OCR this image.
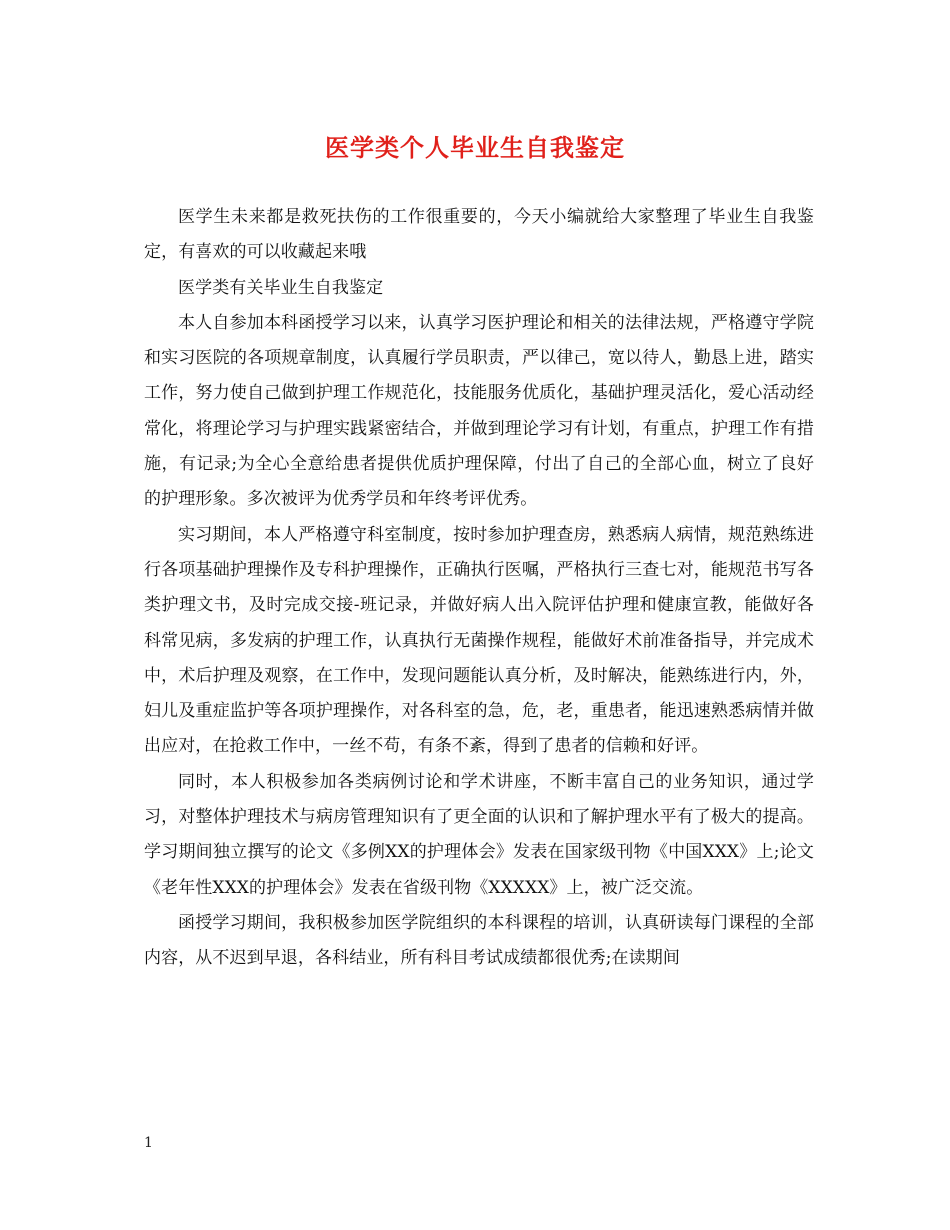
医学类个人毕业生自我鉴定

医学生未来都是救死扶伤的工作很重要的，今天小编就给大家整理了毕业生自我鉴定，有喜欢的可以收藏起来哦

医学类有关毕业生自我鉴定

本人自参加本科函授学习以来，认真学习医护理论和相关的法律法规，严格遵守学院和实习医院的各项规章制度，认真履行学员职责，严以律己，宽以待人，勤恳上进，踏实工作，努力使自己做到护理工作规范化，技能服务优质化，基础护理灵活化，爱心活动经常化，将理论学习与护理实践紧密结合，并做到理论学习有计划，有重点，护理工作有措施，有记录;为全心全意给患者提供优质护理保障，付出了自己的全部心血，树立了良好的护理形象。多次被评为优秀学员和年终考评优秀。

实习期间，本人严格遵守科室制度，按时参加护理查房，熟悉病人病情，规范熟练进行各项基础护理操作及专科护理操作，正确执行医嘱，严格执行三查七对，能规范书写各类护理文书，及时完成交接-班记录，并做好病人出入院评估护理和健康宣教，能做好各科常见病，多发病的护理工作，认真执行无菌操作规程，能做好术前准备指导，并完成术中，术后护理及观察，在工作中，发现问题能认真分析，及时解决，能熟练进行内，外，妇儿及重症监护等各项护理操作，对各科室的急，危，老，重患者，能迅速熟悉病情并做出应对，在抢救工作中，一丝不苟，有条不紊，得到了患者的信赖和好评。

同时，本人积极参加各类病例讨论和学术讲座，不断丰富自己的业务知识，通过学习，对整体护理技术与病房管理知识有了更全面的认识和了解护理水平有了极大的提高。学习期间独立撰写的论文《多例XX的护理体会》发表在国家级刊物《中国XXX》上;论文《老年性XXX的护理体会》发表在省级刊物《XXXXX》上，被广泛交流。

函授学习期间，我积极参加医学院组织的本科课程的培训，认真研读每门课程的全部内容，从不迟到早退，各科结业，所有科目考试成绩都很优秀;在读期间

1
